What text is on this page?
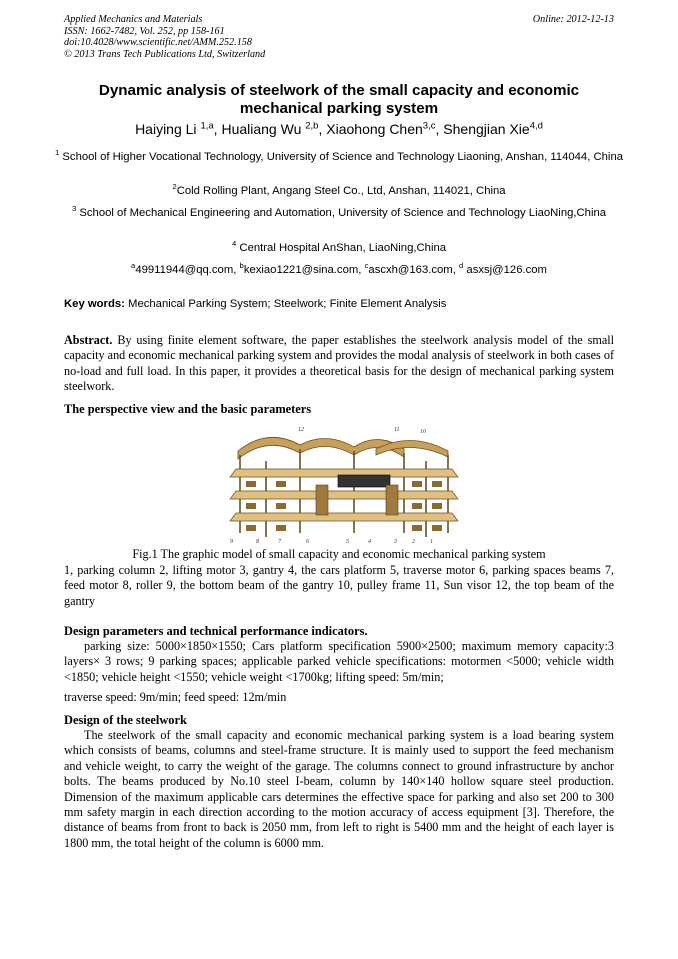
Applied Mechanics and Materials
ISSN: 1662-7482, Vol. 252, pp 158-161
doi:10.4028/www.scientific.net/AMM.252.158
© 2013 Trans Tech Publications Ltd, Switzerland
Online: 2012-12-13
Dynamic analysis of steelwork of the small capacity and economic mechanical parking system
Haiying Li $^{1,a}$, Hualiang Wu $^{2,b}$, Xiaohong Chen$^{3,c}$, Shengjian Xie$^{4,d}$
$^1$ School of Higher Vocational Technology, University of Science and Technology Liaoning, Anshan, 114044, China
$^2$Cold Rolling Plant, Angang Steel Co., Ltd, Anshan, 114021, China
$^3$ School of Mechanical Engineering and Automation, University of Science and Technology LiaoNing,China
$^4$ Central Hospital AnShan, LiaoNing,China
$^a$49911944@qq.com, $^b$kexiao1221@sina.com, $^c$ascxh@163.com, $^d$ asxsj@126.com
Key words: Mechanical Parking System; Steelwork; Finite Element Analysis
Abstract. By using finite element software, the paper establishes the steelwork analysis model of the small capacity and economic mechanical parking system and provides the modal analysis of steelwork in both cases of no-load and full load. In this paper, it provides a theoretical basis for the design of mechanical parking system steelwork.
The perspective view and the basic parameters
12	11	10
9	8	7	6	5	4	3	2	1
Fig.1 The graphic model of small capacity and economic mechanical parking system
1, parking column 2, lifting motor 3, gantry 4, the cars platform 5, traverse motor 6, parking spaces beams 7, feed motor 8, roller 9, the bottom beam of the gantry 10, pulley frame 11, Sun visor 12, the top beam of the gantry
Design parameters and technical performance indicators.
parking size: 5000×1850×1550; Cars platform specification 5900×2500; maximum memory capacity:3 layers× 3 rows; 9 parking spaces; applicable parked vehicle specifications: motormen <5000; vehicle width <1850; vehicle height <1550; vehicle weight <1700kg; lifting speed: 5m/min;
traverse speed: 9m/min; feed speed: 12m/min
Design of the steelwork
The steelwork of the small capacity and economic mechanical parking system is a load bearing system which consists of beams, columns and steel-frame structure. It is mainly used to support the feed mechanism and vehicle weight, to carry the weight of the garage. The columns connect to ground infrastructure by anchor bolts. The beams produced by No.10 steel I-beam, column by 140×140 hollow square steel production. Dimension of the maximum applicable cars determines the effective space for parking and also set 200 to 300 mm safety margin in each direction according to the motion accuracy of access equipment [3]. Therefore, the distance of beams from front to back is 2050 mm, from left to right is 5400 mm and the height of each layer is 1800 mm, the total height of the column is 6000 mm.
